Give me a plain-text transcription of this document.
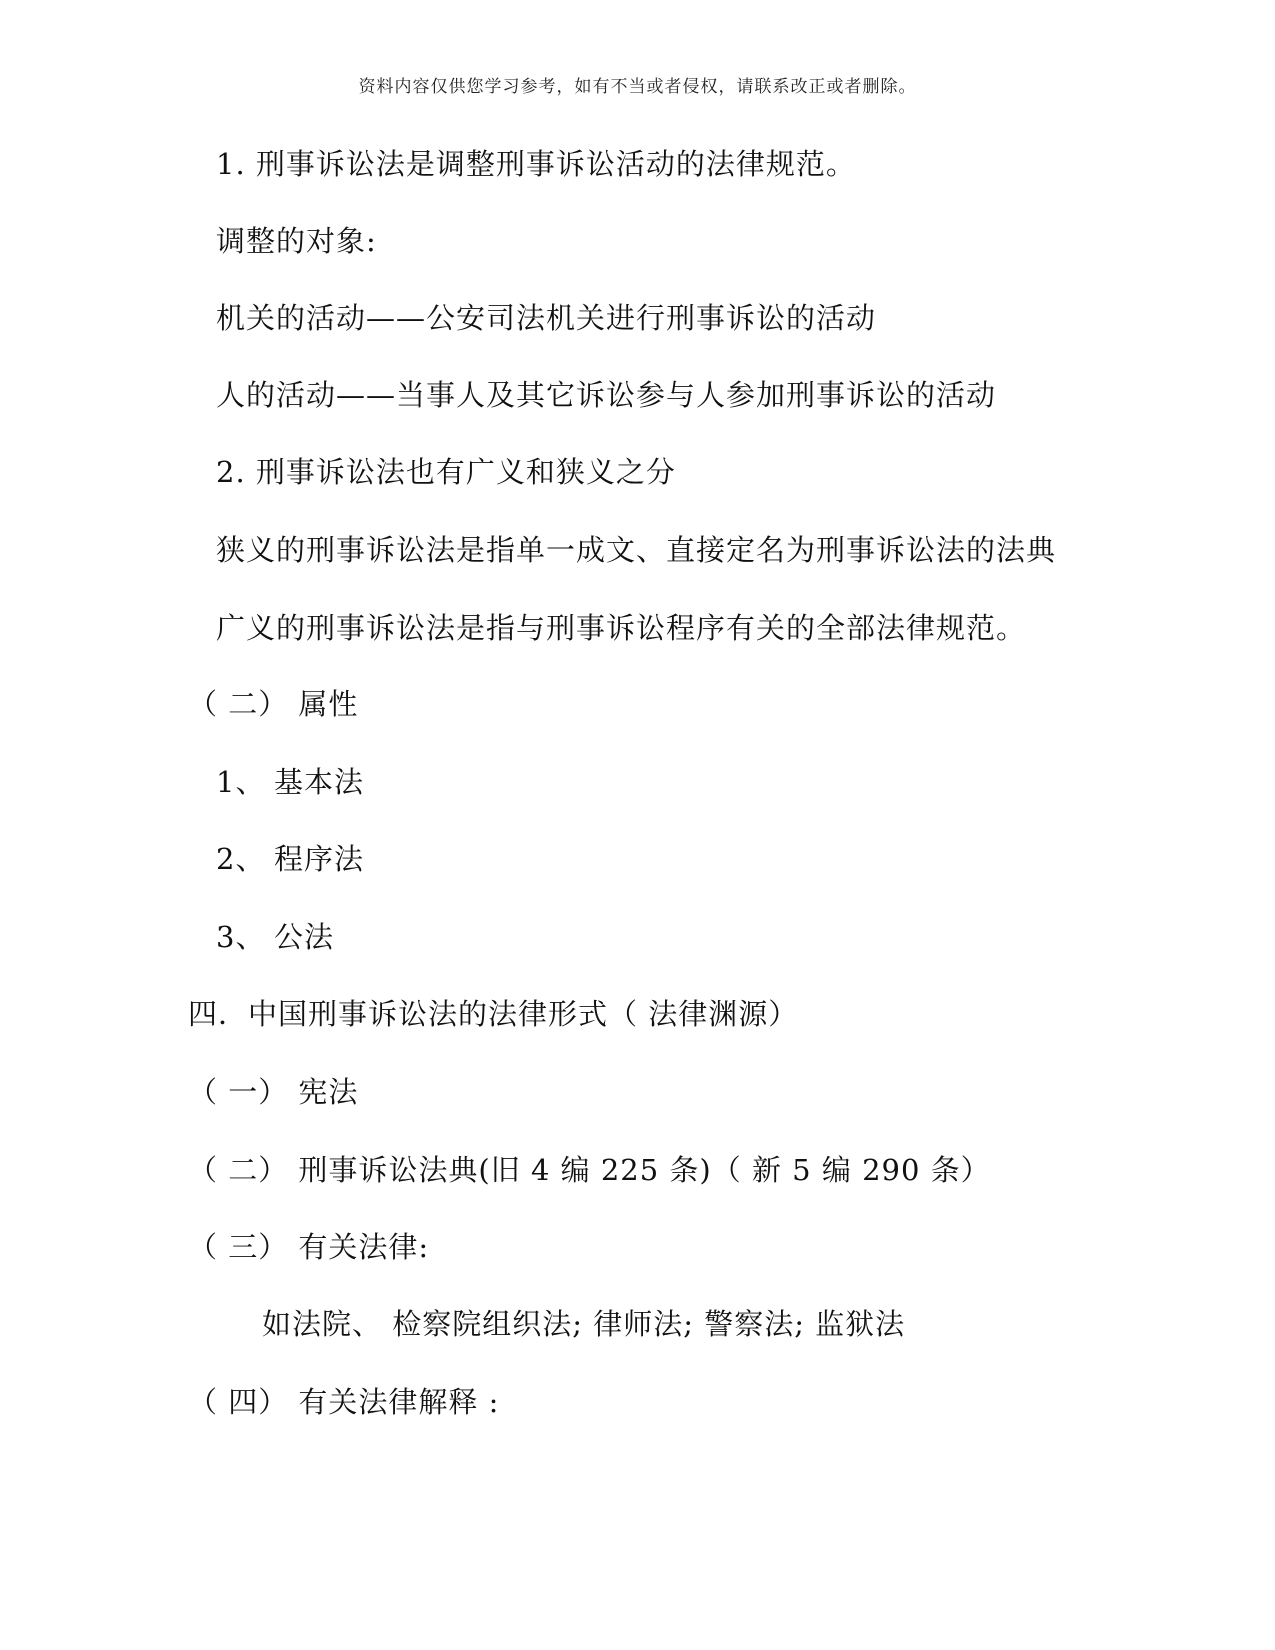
资料内容仅供您学习参考，如有不当或者侵权，请联系改正或者删除。
1. 刑事诉讼法是调整刑事诉讼活动的法律规范。
调整的对象:
机关的活动——公安司法机关进行刑事诉讼的活动
人的活动——当事人及其它诉讼参与人参加刑事诉讼的活动
2. 刑事诉讼法也有广义和狭义之分
狭义的刑事诉讼法是指单一成文、直接定名为刑事诉讼法的法典
广义的刑事诉讼法是指与刑事诉讼程序有关的全部法律规范。
（ 二） 属性
1、 基本法
2、 程序法
3、 公法
四．中国刑事诉讼法的法律形式（ 法律渊源）
（ 一） 宪法
（ 二） 刑事诉讼法典(旧 4 编 225 条)（ 新 5 编 290 条）
（ 三） 有关法律:
如法院、 检察院组织法; 律师法; 警察法; 监狱法
（ 四） 有关法律解释 :
